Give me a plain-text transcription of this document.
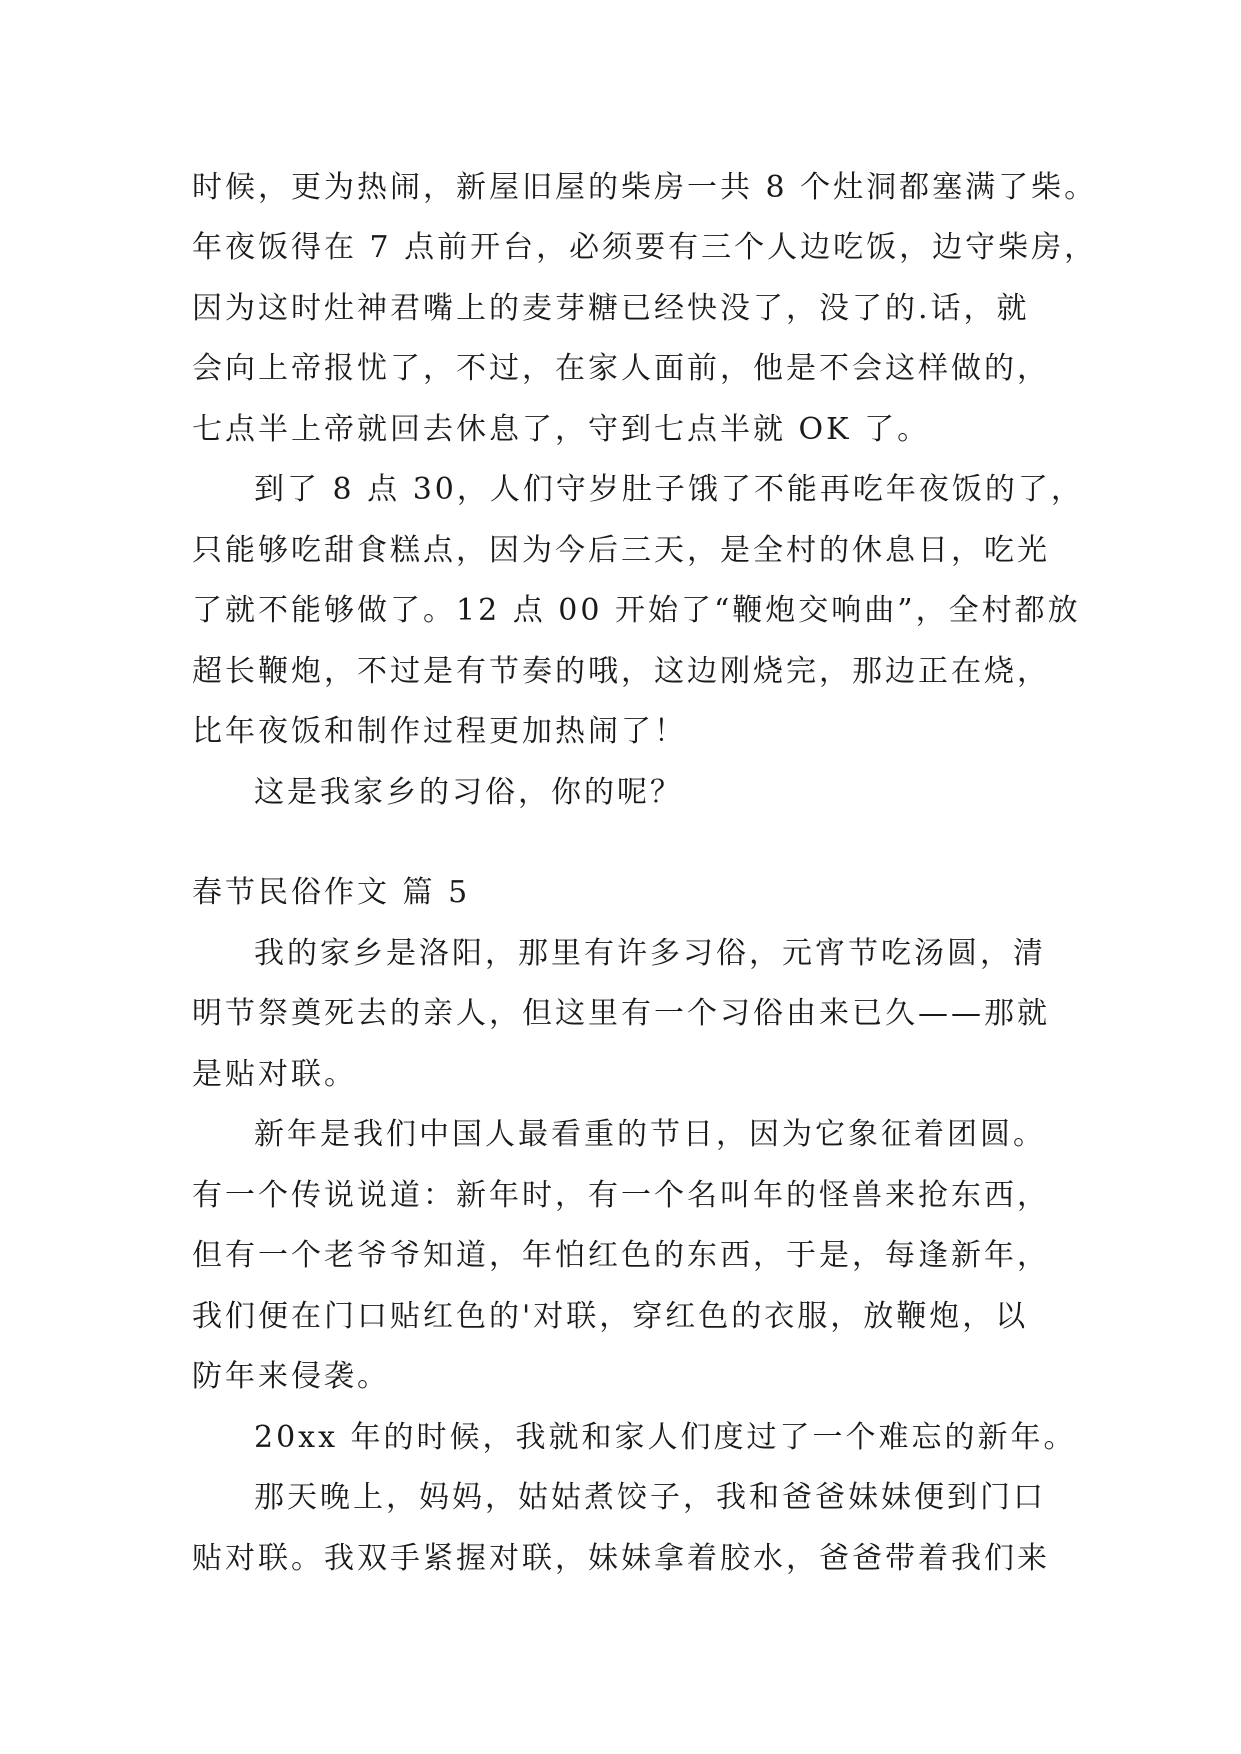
时候，更为热闹，新屋旧屋的柴房一共 8 个灶洞都塞满了柴。
年夜饭得在 7 点前开台，必须要有三个人边吃饭，边守柴房，
因为这时灶神君嘴上的麦芽糖已经快没了，没了的.话，就
会向上帝报忧了，不过，在家人面前，他是不会这样做的，
七点半上帝就回去休息了，守到七点半就 OK 了。
到了 8 点 30，人们守岁肚子饿了不能再吃年夜饭的了，
只能够吃甜食糕点，因为今后三天，是全村的休息日，吃光
了就不能够做了。12 点 00 开始了“鞭炮交响曲”，全村都放
超长鞭炮，不过是有节奏的哦，这边刚烧完，那边正在烧，
比年夜饭和制作过程更加热闹了！
这是我家乡的习俗，你的呢？
春节民俗作文 篇 5
我的家乡是洛阳，那里有许多习俗，元宵节吃汤圆，清
明节祭奠死去的亲人，但这里有一个习俗由来已久——那就
是贴对联。
新年是我们中国人最看重的节日，因为它象征着团圆。
有一个传说说道：新年时，有一个名叫年的怪兽来抢东西，
但有一个老爷爷知道，年怕红色的东西，于是，每逢新年，
我们便在门口贴红色的'对联，穿红色的衣服，放鞭炮，以
防年来侵袭。
20xx 年的时候，我就和家人们度过了一个难忘的新年。
那天晚上，妈妈，姑姑煮饺子，我和爸爸妹妹便到门口
贴对联。我双手紧握对联，妹妹拿着胶水，爸爸带着我们来
